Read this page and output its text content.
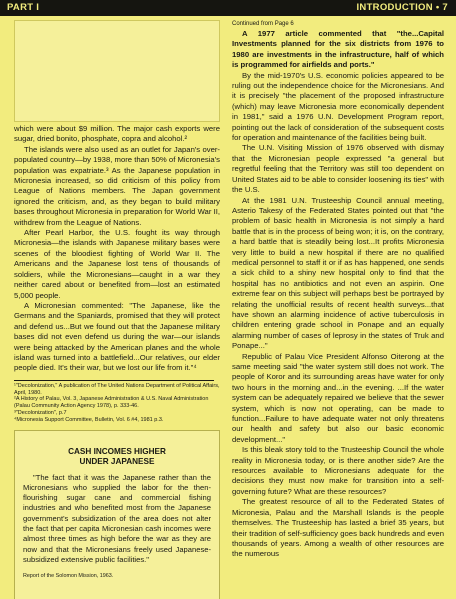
PART I	INTRODUCTION • 7

which were about $9 million. The major cash exports were sugar, dried bonito, phosphate, copra and alcohol.²

The islands were also used as an outlet for Japan's over-populated country—by 1938, more than 50% of Micronesia's population was expatriate.³ As the Japanese population in Micronesia increased, so did criticism of this policy from League of Nations members. The Japan government ignored the criticism, and, as they began to build military bases throughout Micronesia in preparation for World War II, withdrew from the League of Nations.

After Pearl Harbor, the U.S. fought its way through Micronesia—the islands with Japanese military bases were scenes of the bloodiest fighting of World War II. The Americans and the Japanese lost tens of thousands of soldiers, while the Micronesians—caught in a war they neither cared about or benefited from—lost an estimated 5,000 people.

A Micronesian commented: "The Japanese, like the Germans and the Spaniards, promised that they will protect and defend us...But we found out that the Japanese military bases did not even defend us during the war—our islands were being attacked by the American planes and the whole island was turned into a battlefield...Our relatives, our elder people died. It's their war, but we lost our life from it."⁴

¹"Decolonization," A publication of The United Nations Department of Political Affairs, April, 1980.
²A History of Palau, Vol. 3, Japanese Administration & U.S. Naval Administration (Palau Community Action Agency 1978), p. 333-46.
³"Decolonization", p.7
⁴Micronesia Support Committee, Bulletin, Vol. 6 #4, 1981 p.3.
CASH INCOMES HIGHER
UNDER JAPANESE

"The fact that it was the Japanese rather than the Micronesians who supplied the labor for the then-flourishing sugar cane and commercial fishing industries and who benefited most from the Japanese government's subsidization of the area does not alter the fact that per capita Micronesian cash incomes were almost three times as high before the war as they are now and that the Micronesians freely used Japanese-subsidized extensive public facilities."

Report of the Solomon Mission, 1963.

Continued from Page 6

A 1977 article commented that "the...Capital Investments planned for the six districts from 1976 to 1980 are investments in the infrastructure, half of which is programmed for airfields and ports."

By the mid-1970's U.S. economic policies appeared to be ruling out the independence choice for the Micronesians. And it is precisely "the placement of the proposed infrastructure (which) may leave Micronesia more economically dependent in 1981," said a 1976 U.N. Development Program report, pointing out the lack of consideration of the subsequent costs for operation and maintenance of the facilities being built.

The U.N. Visiting Mission of 1976 observed with dismay that the Micronesian people expressed "a general but regretful feeling that the Territory was still too dependent on United States aid to be able to consider loosening its ties" with the U.S.

At the 1981 U.N. Trusteeship Council annual meeting, Asterio Takesy of the Federated States pointed out that "the problem of basic health in Micronesia is not simply a hard battle that is in the process of being won; it is, on the contrary, a hard battle that is steadily being lost...It profits Micronesia very little to build a new hospital if there are no qualified medical personnel to staff it or if as has happened, one sends a sick child to a shiny new hospital only to find that the hospital has no antibiotics and not even an aspirin. One extreme fear on this subject will perhaps best be portrayed by relating the unofficial results of recent health surveys...that have shown an alarming incidence of active tuberculosis in children entering grade school in Ponape and an equally alarming number of cases of leprosy in the states of Truk and Ponape..."

Republic of Palau Vice President Alfonso Oiterong at the same meeting said "the water system still does not work. The people of Koror and its surrounding areas have water for only two hours in the morning and...in the evening. ...If the water system can be adequately repaired we believe that the sewer system, which is now not operating, can be made to function...Failure to have adequate water not only threatens our health and safety but also our basic economic development..."

Is this bleak story told to the Trusteeship Council the whole reality in Micronesia today, or is there another side? Are the resources available to Micronesians adequate for the decisions they must now make for transition into a self-governing future? What are these resources?

The greatest resource of all to the Federated States of Micronesia, Palau and the Marshall Islands is the people themselves. The Trusteeship has lasted a brief 35 years, but their tradition of self-sufficiency goes back hundreds and even thousands of years. Among a wealth of other resources are the numerous
